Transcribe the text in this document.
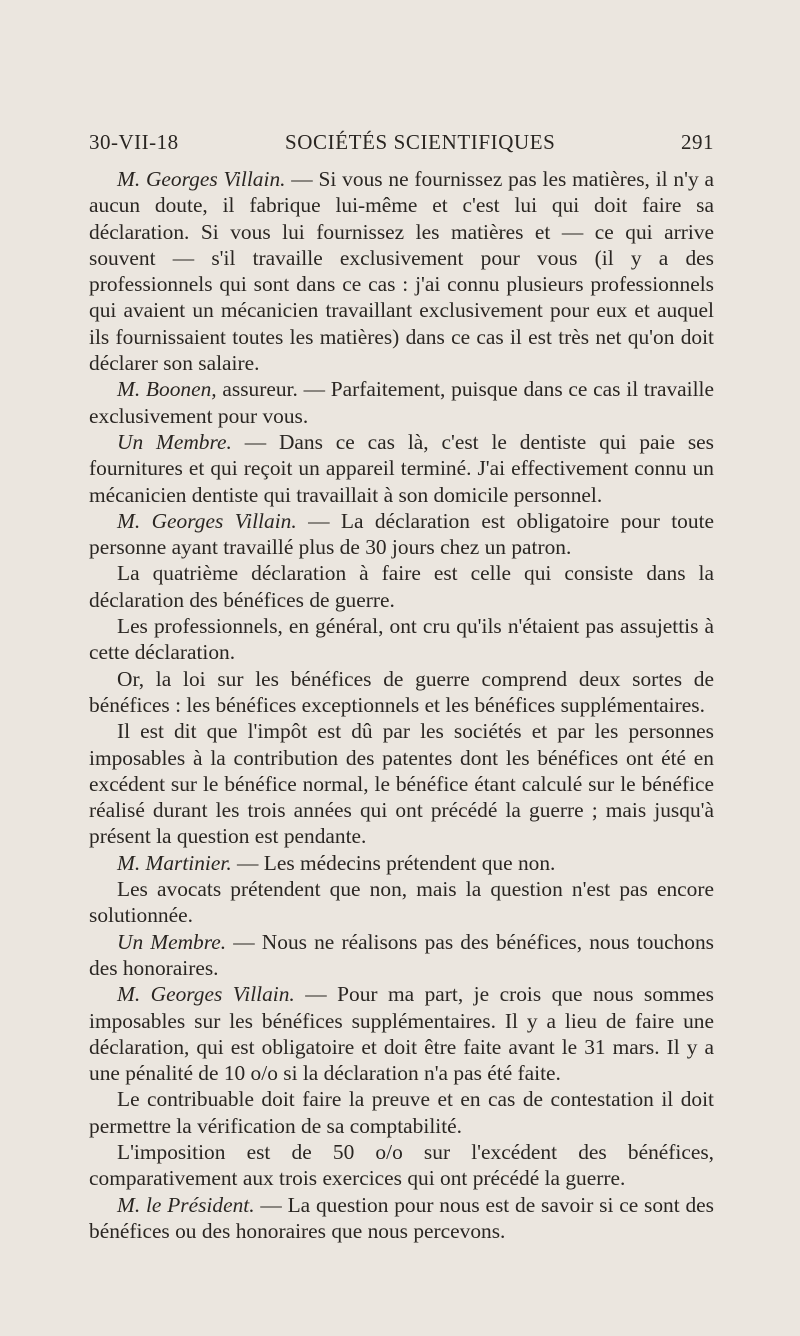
30-VII-18	SOCIÉTÉS SCIENTIFIQUES	291

M. Georges Villain. — Si vous ne fournissez pas les matières, il n'y a aucun doute, il fabrique lui-même et c'est lui qui doit faire sa déclaration. Si vous lui fournissez les matières et — ce qui arrive souvent — s'il travaille exclusivement pour vous (il y a des professionnels qui sont dans ce cas : j'ai connu plusieurs professionnels qui avaient un mécanicien travaillant exclusivement pour eux et auquel ils fournissaient toutes les matières) dans ce cas il est très net qu'on doit déclarer son salaire.

M. Boonen, assureur. — Parfaitement, puisque dans ce cas il travaille exclusivement pour vous.

Un Membre. — Dans ce cas là, c'est le dentiste qui paie ses fournitures et qui reçoit un appareil terminé. J'ai effectivement connu un mécanicien dentiste qui travaillait à son domicile personnel.

M. Georges Villain. — La déclaration est obligatoire pour toute personne ayant travaillé plus de 30 jours chez un patron.

La quatrième déclaration à faire est celle qui consiste dans la déclaration des bénéfices de guerre.

Les professionnels, en général, ont cru qu'ils n'étaient pas assujettis à cette déclaration.

Or, la loi sur les bénéfices de guerre comprend deux sortes de bénéfices : les bénéfices exceptionnels et les bénéfices supplémentaires.

Il est dit que l'impôt est dû par les sociétés et par les personnes imposables à la contribution des patentes dont les bénéfices ont été en excédent sur le bénéfice normal, le bénéfice étant calculé sur le bénéfice réalisé durant les trois années qui ont précédé la guerre ; mais jusqu'à présent la question est pendante.

M. Martinier. — Les médecins prétendent que non.

Les avocats prétendent que non, mais la question n'est pas encore solutionnée.

Un Membre. — Nous ne réalisons pas des bénéfices, nous touchons des honoraires.

M. Georges Villain. — Pour ma part, je crois que nous sommes imposables sur les bénéfices supplémentaires. Il y a lieu de faire une déclaration, qui est obligatoire et doit être faite avant le 31 mars. Il y a une pénalité de 10 o/o si la déclaration n'a pas été faite.

Le contribuable doit faire la preuve et en cas de contestation il doit permettre la vérification de sa comptabilité.

L'imposition est de 50 o/o sur l'excédent des bénéfices, comparativement aux trois exercices qui ont précédé la guerre.

M. le Président. — La question pour nous est de savoir si ce sont des bénéfices ou des honoraires que nous percevons.
